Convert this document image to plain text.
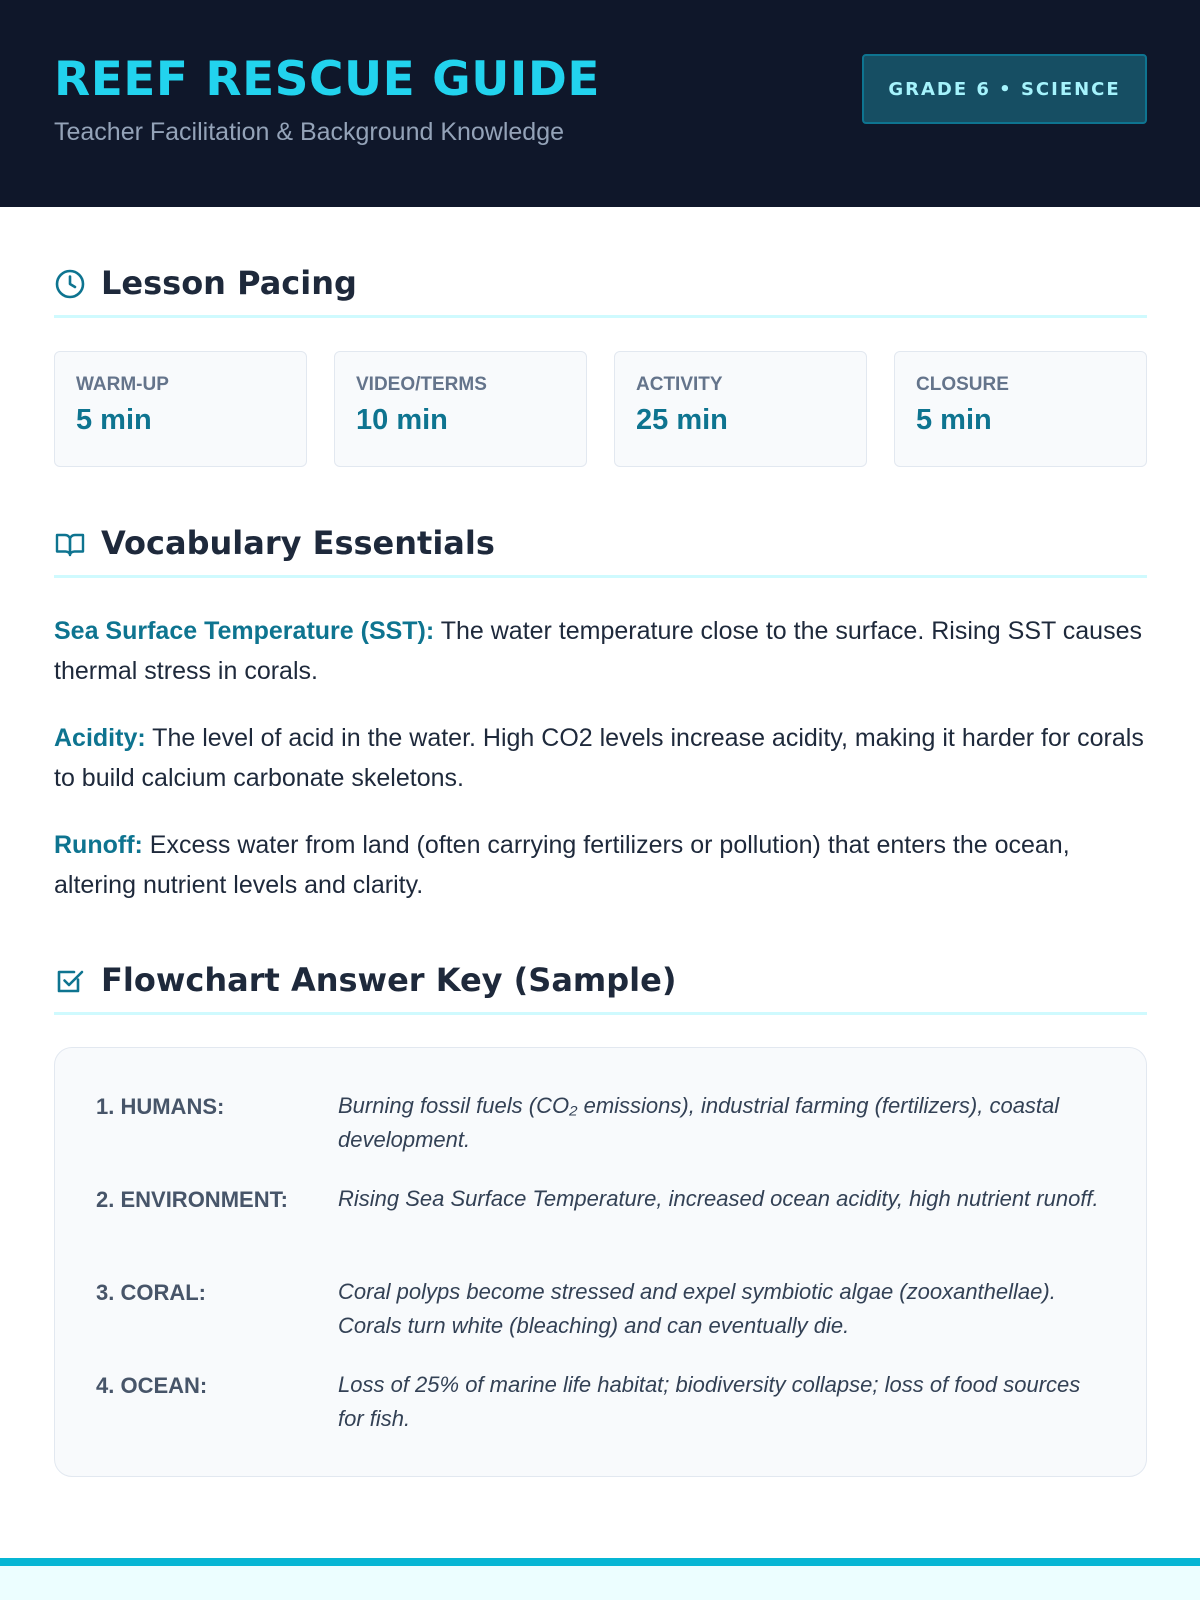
REEF RESCUE GUIDE
Teacher Facilitation & Background Knowledge
GRADE 6 • SCIENCE
Lesson Pacing
WARM-UP
5 min
VIDEO/TERMS
10 min
ACTIVITY
25 min
CLOSURE
5 min
Vocabulary Essentials
Sea Surface Temperature (SST): The water temperature close to the surface. Rising SST causes thermal stress in corals.
Acidity: The level of acid in the water. High CO2 levels increase acidity, making it harder for corals to build calcium carbonate skeletons.
Runoff: Excess water from land (often carrying fertilizers or pollution) that enters the ocean, altering nutrient levels and clarity.
Flowchart Answer Key (Sample)
1. HUMANS:	Burning fossil fuels (CO₂ emissions), industrial farming (fertilizers), coastal development.
2. ENVIRONMENT: Rising Sea Surface Temperature, increased ocean acidity, high nutrient runoff.
3. CORAL:	Coral polyps become stressed and expel symbiotic algae (zooxanthellae). Corals turn white (bleaching) and can eventually die.
4. OCEAN:	Loss of 25% of marine life habitat; biodiversity collapse; loss of food sources for fish.
